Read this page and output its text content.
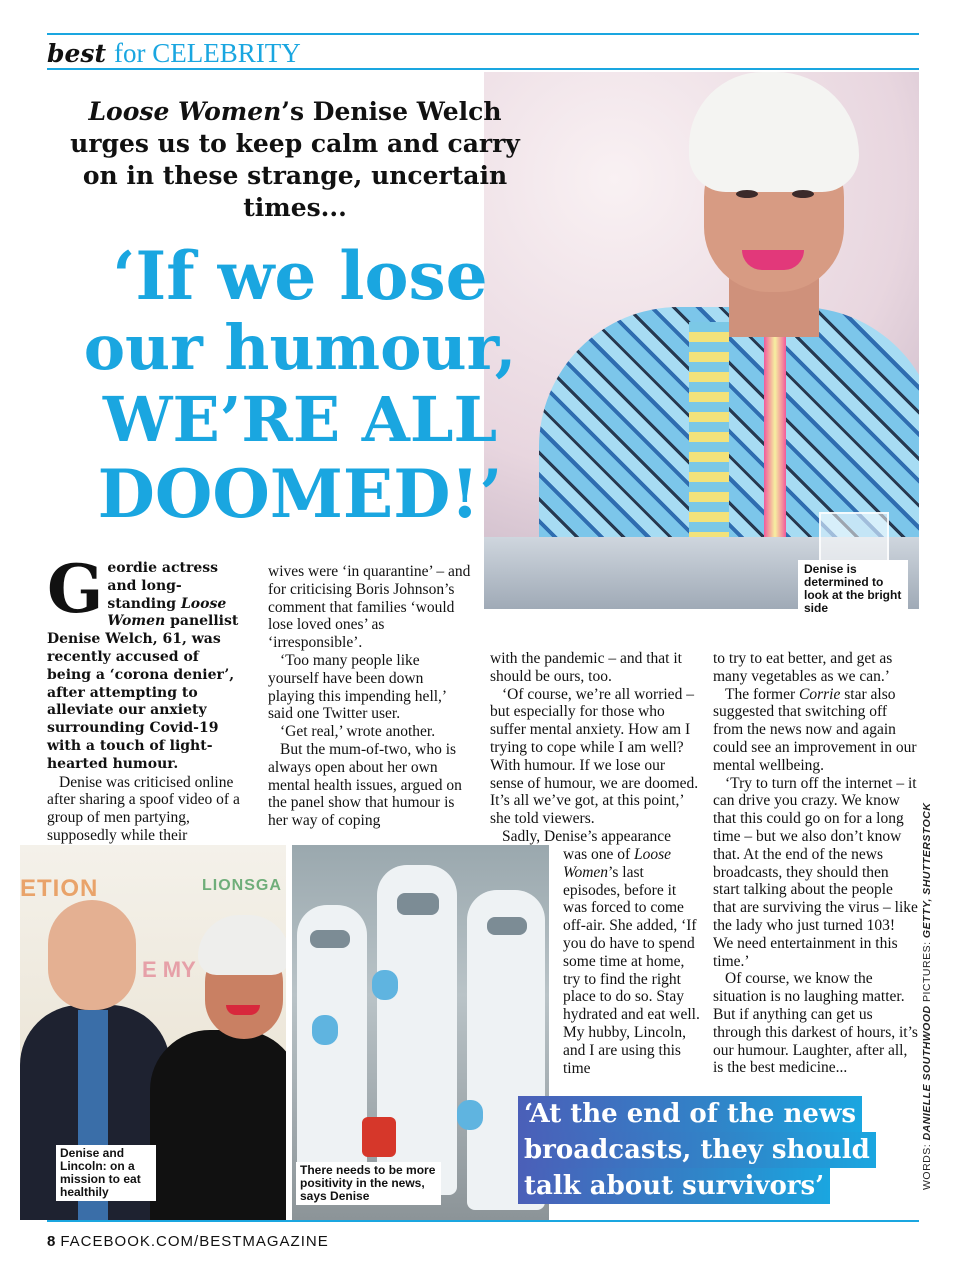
best for CELEBRITY
Denise is determined to look at the bright side
Loose Women’s Denise Welch urges us to keep calm and carry on in these strange, uncertain times...
‘If we lose
our humour,
WE’RE ALL
DOOMED!’

Geordie actress and long-standing Loose Women panellist Denise Welch, 61, was recently accused of being a ‘corona denier’, after attempting to alleviate our anxiety surrounding Covid-19 with a touch of light-hearted humour.

Denise was criticised online after sharing a spoof video of a group of men partying, supposedly while their

wives were ‘in quarantine’ – and for criticising Boris Johnson’s comment that families ‘would lose loved ones’ as ‘irresponsible’.

‘Too many people like yourself have been down playing this impending hell,’ said one Twitter user.

‘Get real,’ wrote another.

But the mum-of-two, who is always open about her own mental health issues, argued on the panel show that humour is her way of coping

with the pandemic – and that it should be ours, too.

‘Of course, we’re all worried – but especially for those who suffer mental anxiety. How am I trying to cope while I am well? With humour. If we lose our sense of humour, we are doomed. It’s all we’ve got, at this point,’ she told viewers.

Sadly, Denise’s appearance

was one of Loose Women’s last episodes, before it was forced to come off-air. She added, ‘If you do have to spend some time at home, try to find the right place to do so. Stay hydrated and eat well. My hubby, Lincoln, and I are using this time

to try to eat better, and get as many vegetables as we can.’

The former Corrie star also suggested that switching off from the news now and again could see an improvement in our mental wellbeing.

‘Try to turn off the internet – it can drive you crazy. We know that this could go on for a long time – but we also don’t know that. At the end of the news broadcasts, they should then start talking about the people that are surviving the virus – like the lady who just turned 103! We need entertainment in this time.’

Of course, we know the situation is no laughing matter. But if anything can get us through this darkest of hours, it’s our humour. Laughter, after all, is the best medicine...

ETION	LIONSGA
E MY
Denise and Lincoln: on a mission to eat healthily
There needs to be more positivity in the news, says Denise
‘At the end of the news
broadcasts, they should
talk about survivors’	WORDS: DANIELLE SOUTHWOOD PICTURES: GETTY, SHUTTERSTOCK
8 FACEBOOK.COM/BESTMAGAZINE
